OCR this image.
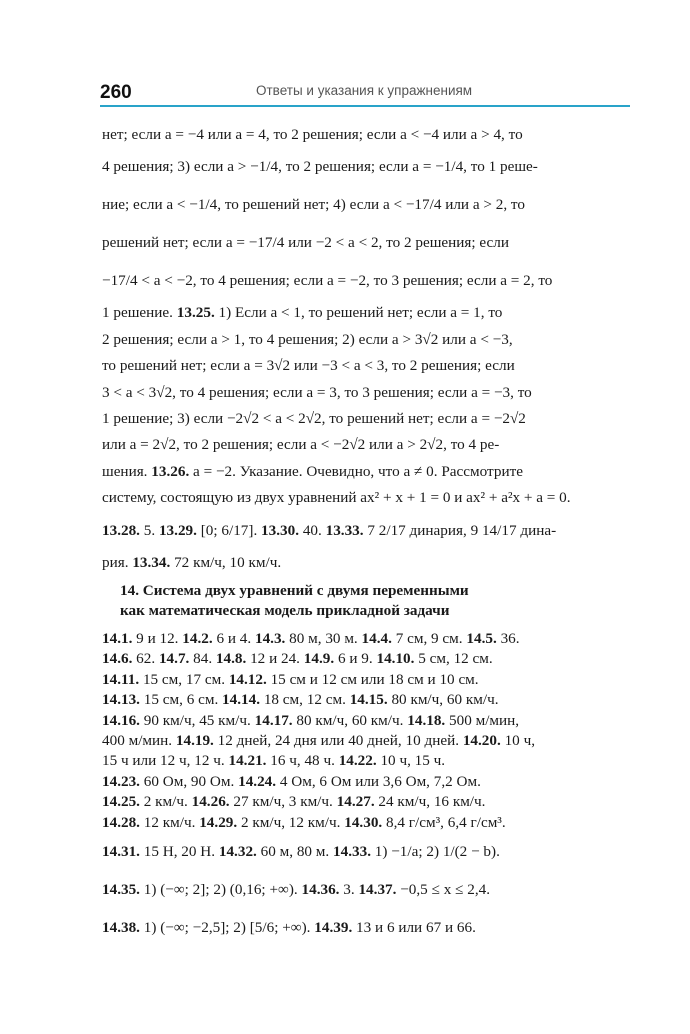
260	Ответы и указания к упражнениям
нет; если a = −4 или a = 4, то 2 решения; если a < −4 или a > 4, то
4 решения; 3) если a > −1/4, то 2 решения; если a = −1/4, то 1 реше-
ние; если a < −1/4, то решений нет; 4) если a < −17/4 или a > 2, то
решений нет; если a = −17/4 или −2 < a < 2, то 2 решения; если
−17/4 < a < −2, то 4 решения; если a = −2, то 3 решения; если a = 2, то
1 решение. 13.25. 1) Если a < 1, то решений нет; если a = 1, то
2 решения; если a > 1, то 4 решения; 2) если a > 3√2 или a < −3,
то решений нет; если a = 3√2 или −3 < a < 3, то 2 решения; если
3 < a < 3√2, то 4 решения; если a = 3, то 3 решения; если a = −3, то
1 решение; 3) если −2√2 < a < 2√2, то решений нет; если a = −2√2
или a = 2√2, то 2 решения; если a < −2√2 или a > 2√2, то 4 ре-
шения. 13.26. a = −2. Указание. Очевидно, что a ≠ 0. Рассмотрите
систему, состоящую из двух уравнений ax² + x + 1 = 0 и ax² + a²x + a = 0.
13.28. 5. 13.29. [0; 6/17]. 13.30. 40. 13.33. 7 2/17 динария, 9 14/17 дина-
рия. 13.34. 72 км/ч, 10 км/ч.
14. Система двух уравнений с двумя переменными
как математическая модель прикладной задачи
14.1. 9 и 12. 14.2. 6 и 4. 14.3. 80 м, 30 м. 14.4. 7 см, 9 см. 14.5. 36.
14.6. 62. 14.7. 84. 14.8. 12 и 24. 14.9. 6 и 9. 14.10. 5 см, 12 см.
14.11. 15 см, 17 см. 14.12. 15 см и 12 см или 18 см и 10 см.
14.13. 15 см, 6 см. 14.14. 18 см, 12 см. 14.15. 80 км/ч, 60 км/ч.
14.16. 90 км/ч, 45 км/ч. 14.17. 80 км/ч, 60 км/ч. 14.18. 500 м/мин,
400 м/мин. 14.19. 12 дней, 24 дня или 40 дней, 10 дней. 14.20. 10 ч,
15 ч или 12 ч, 12 ч. 14.21. 16 ч, 48 ч. 14.22. 10 ч, 15 ч.
14.23. 60 Ом, 90 Ом. 14.24. 4 Ом, 6 Ом или 3,6 Ом, 7,2 Ом.
14.25. 2 км/ч. 14.26. 27 км/ч, 3 км/ч. 14.27. 24 км/ч, 16 км/ч.
14.28. 12 км/ч. 14.29. 2 км/ч, 12 км/ч. 14.30. 8,4 г/см³, 6,4 г/см³.
14.31. 15 Н, 20 Н. 14.32. 60 м, 80 м. 14.33. 1) −1/a; 2) 1/(2 − b).
14.35. 1) (−∞; 2]; 2) (0,16; +∞). 14.36. 3. 14.37. −0,5 ≤ x ≤ 2,4.
14.38. 1) (−∞; −2,5]; 2) [5/6; +∞). 14.39. 13 и 6 или 67 и 66.
